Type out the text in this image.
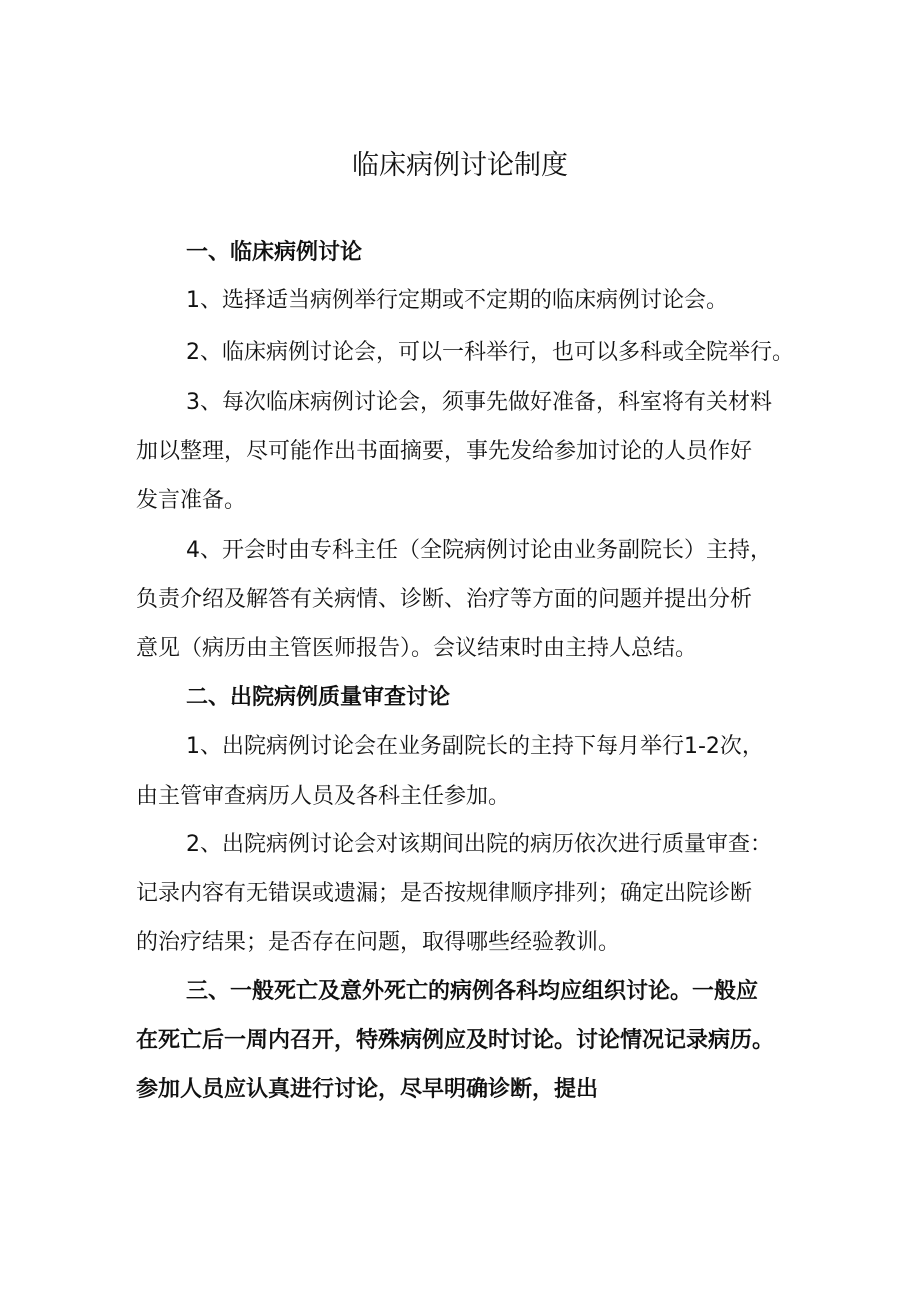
临床病例讨论制度
一、临床病例讨论
1、选择适当病例举行定期或不定期的临床病例讨论会。
2、临床病例讨论会，可以一科举行，也可以多科或全院举行。
3、每次临床病例讨论会，须事先做好准备，科室将有关材料
加以整理，尽可能作出书面摘要，事先发给参加讨论的人员作好
发言准备。
4、开会时由专科主任（全院病例讨论由业务副院长）主持，
负责介绍及解答有关病情、诊断、治疗等方面的问题并提出分析
意见（病历由主管医师报告）。会议结束时由主持人总结。
二、出院病例质量审查讨论
1、出院病例讨论会在业务副院长的主持下每月举行1-2次，
由主管审查病历人员及各科主任参加。
2、出院病例讨论会对该期间出院的病历依次进行质量审查：
记录内容有无错误或遗漏；是否按规律顺序排列；确定出院诊断
的治疗结果；是否存在问题，取得哪些经验教训。
三、一般死亡及意外死亡的病例各科均应组织讨论。一般应
在死亡后一周内召开，特殊病例应及时讨论。讨论情况记录病历。
参加人员应认真进行讨论，尽早明确诊断，提出
